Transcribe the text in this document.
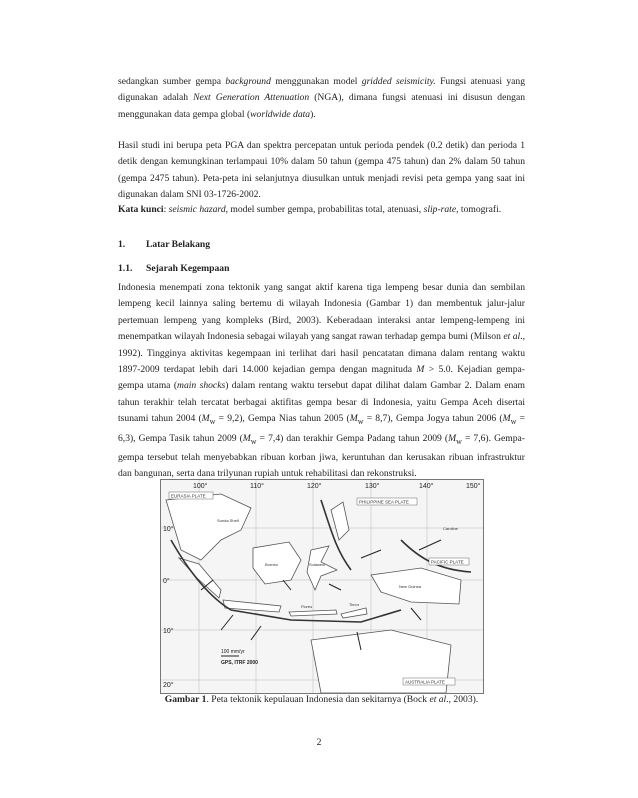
sedangkan sumber gempa background menggunakan model gridded seismicity. Fungsi atenuasi yang digunakan adalah Next Generation Attenuation (NGA), dimana fungsi atenuasi ini disusun dengan menggunakan data gempa global (worldwide data).

Hasil studi ini berupa peta PGA dan spektra percepatan untuk perioda pendek (0.2 detik) dan perioda 1 detik dengan kemungkinan terlampaui 10% dalam 50 tahun (gempa 475 tahun) dan 2% dalam 50 tahun (gempa 2475 tahun). Peta-peta ini selanjutnya diusulkan untuk menjadi revisi peta gempa yang saat ini digunakan dalam SNI 03-1726-2002.

Kata kunci: seismic hazard, model sumber gempa, probabilitas total, atenuasi, slip-rate, tomografi.

1. Latar Belakang

1.1. Sejarah Kegempaan

Indonesia menempati zona tektonik yang sangat aktif karena tiga lempeng besar dunia dan sembilan lempeng kecil lainnya saling bertemu di wilayah Indonesia (Gambar 1) dan membentuk jalur-jalur pertemuan lempeng yang kompleks (Bird, 2003). Keberadaan interaksi antar lempeng-lempeng ini menempatkan wilayah Indonesia sebagai wilayah yang sangat rawan terhadap gempa bumi (Milson et al., 1992). Tingginya aktivitas kegempaan ini terlihat dari hasil pencatatan dimana dalam rentang waktu 1897-2009 terdapat lebih dari 14.000 kejadian gempa dengan magnituda M > 5.0. Kejadian gempa-gempa utama (main shocks) dalam rentang waktu tersebut dapat dilihat dalam Gambar 2. Dalam enam tahun terakhir telah tercatat berbagai aktifitas gempa besar di Indonesia, yaitu Gempa Aceh disertai tsunami tahun 2004 $(M_w = 9,2)$, Gempa Nias tahun 2005 $(M_w = 8,7)$, Gempa Jogya tahun 2006 $(M_w = 6,3)$, Gempa Tasik tahun 2009 $(M_w = 7,4)$ dan terakhir Gempa Padang tahun 2009 $(M_w = 7,6)$. Gempa-gempa tersebut telah menyebabkan ribuan korban jiwa, keruntuhan dan kerusakan ribuan infrastruktur dan bangunan, serta dana trilyunan rupiah untuk rehabilitasi dan rekonstruksi.

100°	110°	120°	130°	140°	150°
10°
0°
10°
20°
EURASIA PLATE
PHILIPPINE SEA PLATE
PACIFIC PLATE
AUSTRALIA PLATE
Sunda Shelf
Borneo	Sulawesi
Flores	Timor
New Guinea
Caroline
100 mm/yr
GPS, ITRF 2000
Gambar 1. Peta tektonik kepulauan Indonesia dan sekitarnya (Bock et al., 2003).
2
